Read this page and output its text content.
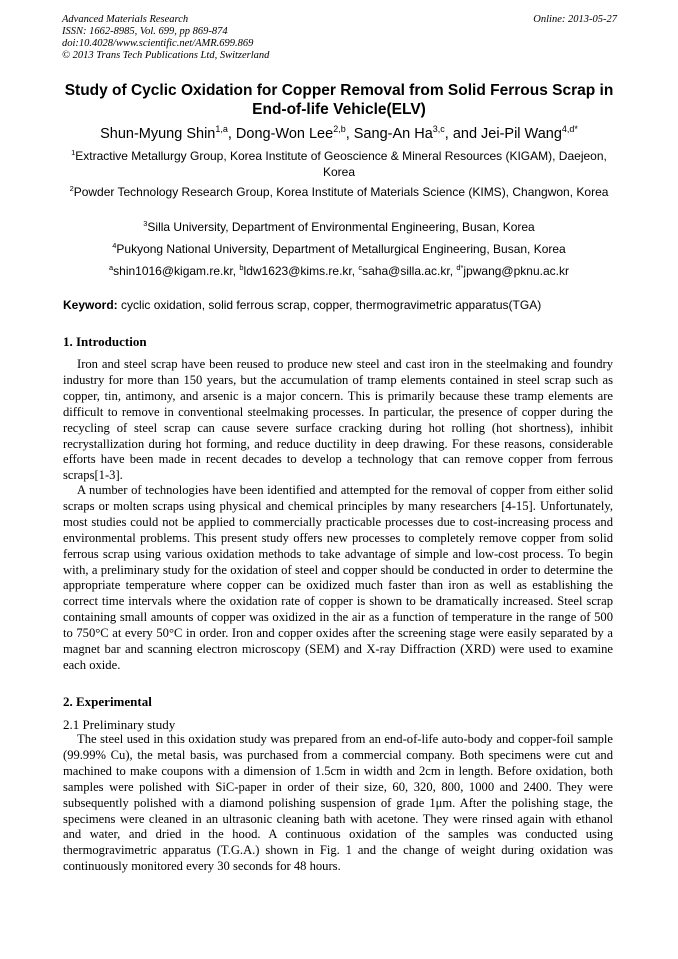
Advanced Materials Research
ISSN: 1662-8985, Vol. 699, pp 869-874
doi:10.4028/www.scientific.net/AMR.699.869
© 2013 Trans Tech Publications Ltd, Switzerland
Online: 2013-05-27
Study of Cyclic Oxidation for Copper Removal from Solid Ferrous Scrap in End-of-life Vehicle(ELV)
Shun-Myung Shin$^{1,a}$, Dong-Won Lee$^{2,b}$, Sang-An Ha$^{3,c}$, and Jei-Pil Wang$^{4,d*}$
$^1$Extractive Metallurgy Group, Korea Institute of Geoscience & Mineral Resources (KIGAM), Daejeon, Korea
$^2$Powder Technology Research Group, Korea Institute of Materials Science (KIMS), Changwon, Korea
$^3$Silla University, Department of Environmental Engineering, Busan, Korea
$^4$Pukyong National University, Department of Metallurgical Engineering, Busan, Korea
$^a$shin1016@kigam.re.kr, $^b$ldw1623@kims.re.kr, $^c$saha@silla.ac.kr, $^{d*}$jpwang@pknu.ac.kr
Keyword: cyclic oxidation, solid ferrous scrap, copper, thermogravimetric apparatus(TGA)
1. Introduction

Iron and steel scrap have been reused to produce new steel and cast iron in the steelmaking and foundry industry for more than 150 years, but the accumulation of tramp elements contained in steel scrap such as copper, tin, antimony, and arsenic is a major concern. This is primarily because these tramp elements are difficult to remove in conventional steelmaking processes. In particular, the presence of copper during the recycling of steel scrap can cause severe surface cracking during hot rolling (hot shortness), inhibit recrystallization during hot forming, and reduce ductility in deep drawing. For these reasons, considerable efforts have been made in recent decades to develop a technology that can remove copper from ferrous scraps[1-3].

A number of technologies have been identified and attempted for the removal of copper from either solid scraps or molten scraps using physical and chemical principles by many researchers [4-15]. Unfortunately, most studies could not be applied to commercially practicable processes due to cost-increasing process and environmental problems. This present study offers new processes to completely remove copper from solid ferrous scrap using various oxidation methods to take advantage of simple and low-cost process. To begin with, a preliminary study for the oxidation of steel and copper should be conducted in order to determine the appropriate temperature where copper can be oxidized much faster than iron as well as establishing the correct time intervals where the oxidation rate of copper is shown to be dramatically increased. Steel scrap containing small amounts of copper was oxidized in the air as a function of temperature in the range of 500 to 750°C at every 50°C in order. Iron and copper oxides after the screening stage were easily separated by a magnet bar and scanning electron microscopy (SEM) and X-ray Diffraction (XRD) were used to examine each oxide.

2. Experimental
2.1 Preliminary study

The steel used in this oxidation study was prepared from an end-of-life auto-body and copper-foil sample (99.99% Cu), the metal basis, was purchased from a commercial company. Both specimens were cut and machined to make coupons with a dimension of 1.5cm in width and 2cm in length. Before oxidation, both samples were polished with SiC-paper in order of their size, 60, 320, 800, 1000 and 2400. They were subsequently polished with a diamond polishing suspension of grade 1μm. After the polishing stage, the specimens were cleaned in an ultrasonic cleaning bath with acetone. They were rinsed again with ethanol and water, and dried in the hood. A continuous oxidation of the samples was conducted using thermogravimetric apparatus (T.G.A.) shown in Fig. 1 and the change of weight during oxidation was continuously monitored every 30 seconds for 48 hours.
